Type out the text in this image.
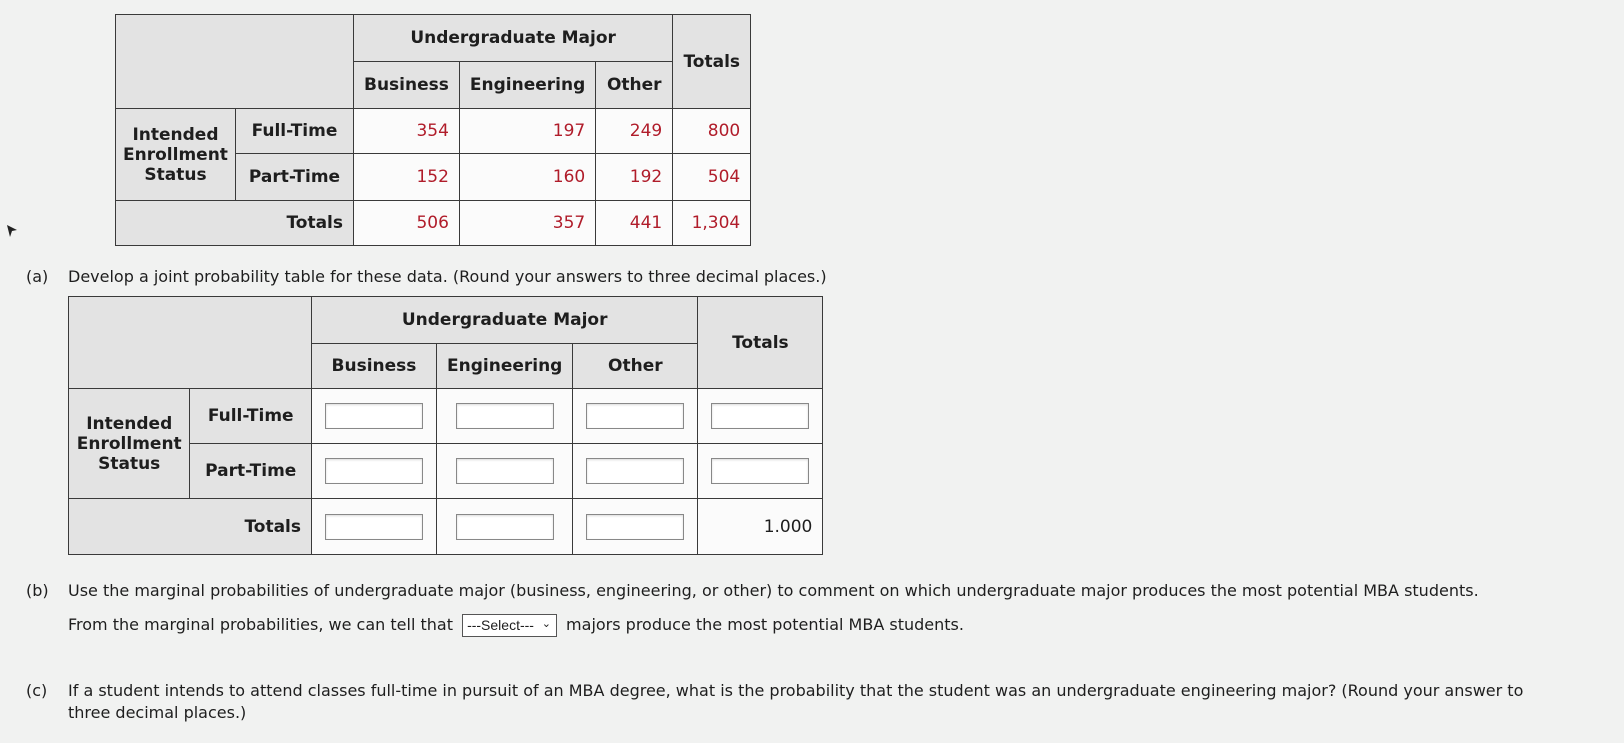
		Undergraduate Major			Totals
		Business	Engineering	Other	
Intended Enrollment Status	Full-Time	354	197	249	800
	Part-Time	152	160	192	504
Totals		506	357	441	1,304
(a) Develop a joint probability table for these data. (Round your answers to three decimal places.)
		Undergraduate Major			Totals
		Business	Engineering	Other	
Intended Enrollment Status	Full-Time				
	Part-Time				
Totals					1.000
(b) Use the marginal probabilities of undergraduate major (business, engineering, or other) to comment on which undergraduate major produces the most potential MBA students.
From the marginal probabilities, we can tell that ---Select--- ⌄ majors produce the most potential MBA students.
(c) If a student intends to attend classes full-time in pursuit of an MBA degree, what is the probability that the student was an undergraduate engineering major? (Round your answer to
three decimal places.)
